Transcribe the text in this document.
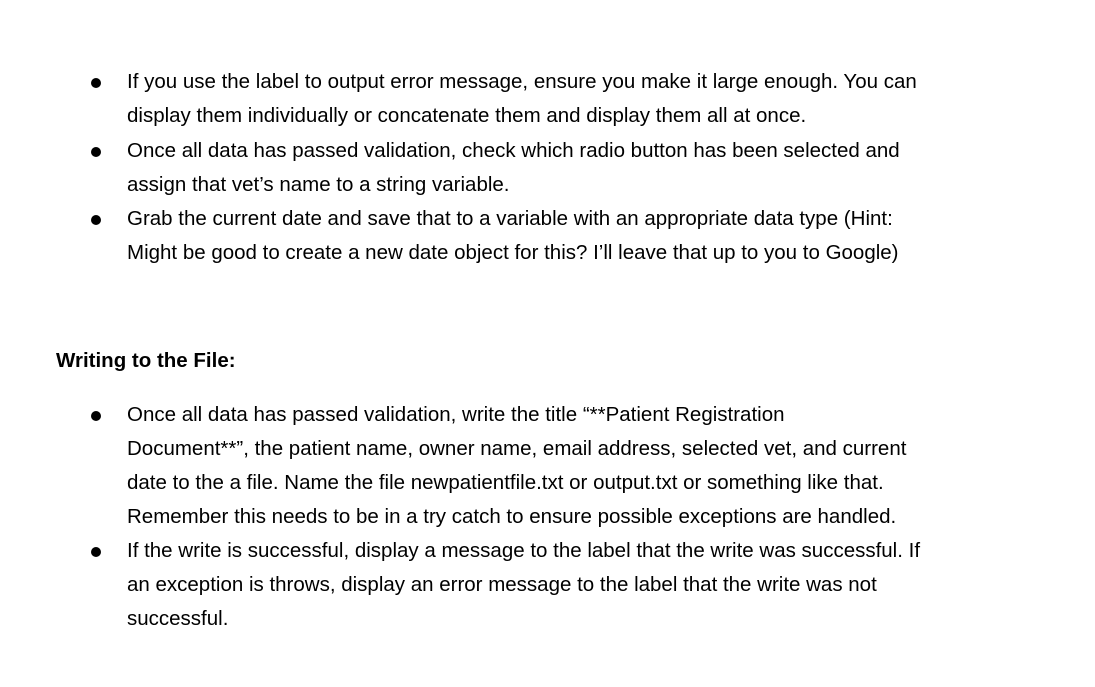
If you use the label to output error message, ensure you make it large enough. You can
display them individually or concatenate them and display them all at once.
Once all data has passed validation, check which radio button has been selected and
assign that vet’s name to a string variable.
Grab the current date and save that to a variable with an appropriate data type (Hint:
Might be good to create a new date object for this? I’ll leave that up to you to Google)
Writing to the File:
Once all data has passed validation, write the title “**Patient Registration
Document**”, the patient name, owner name, email address, selected vet, and current
date to the a file. Name the file newpatientfile.txt or output.txt or something like that.
Remember this needs to be in a try catch to ensure possible exceptions are handled.
If the write is successful, display a message to the label that the write was successful. If
an exception is throws, display an error message to the label that the write was not
successful.
